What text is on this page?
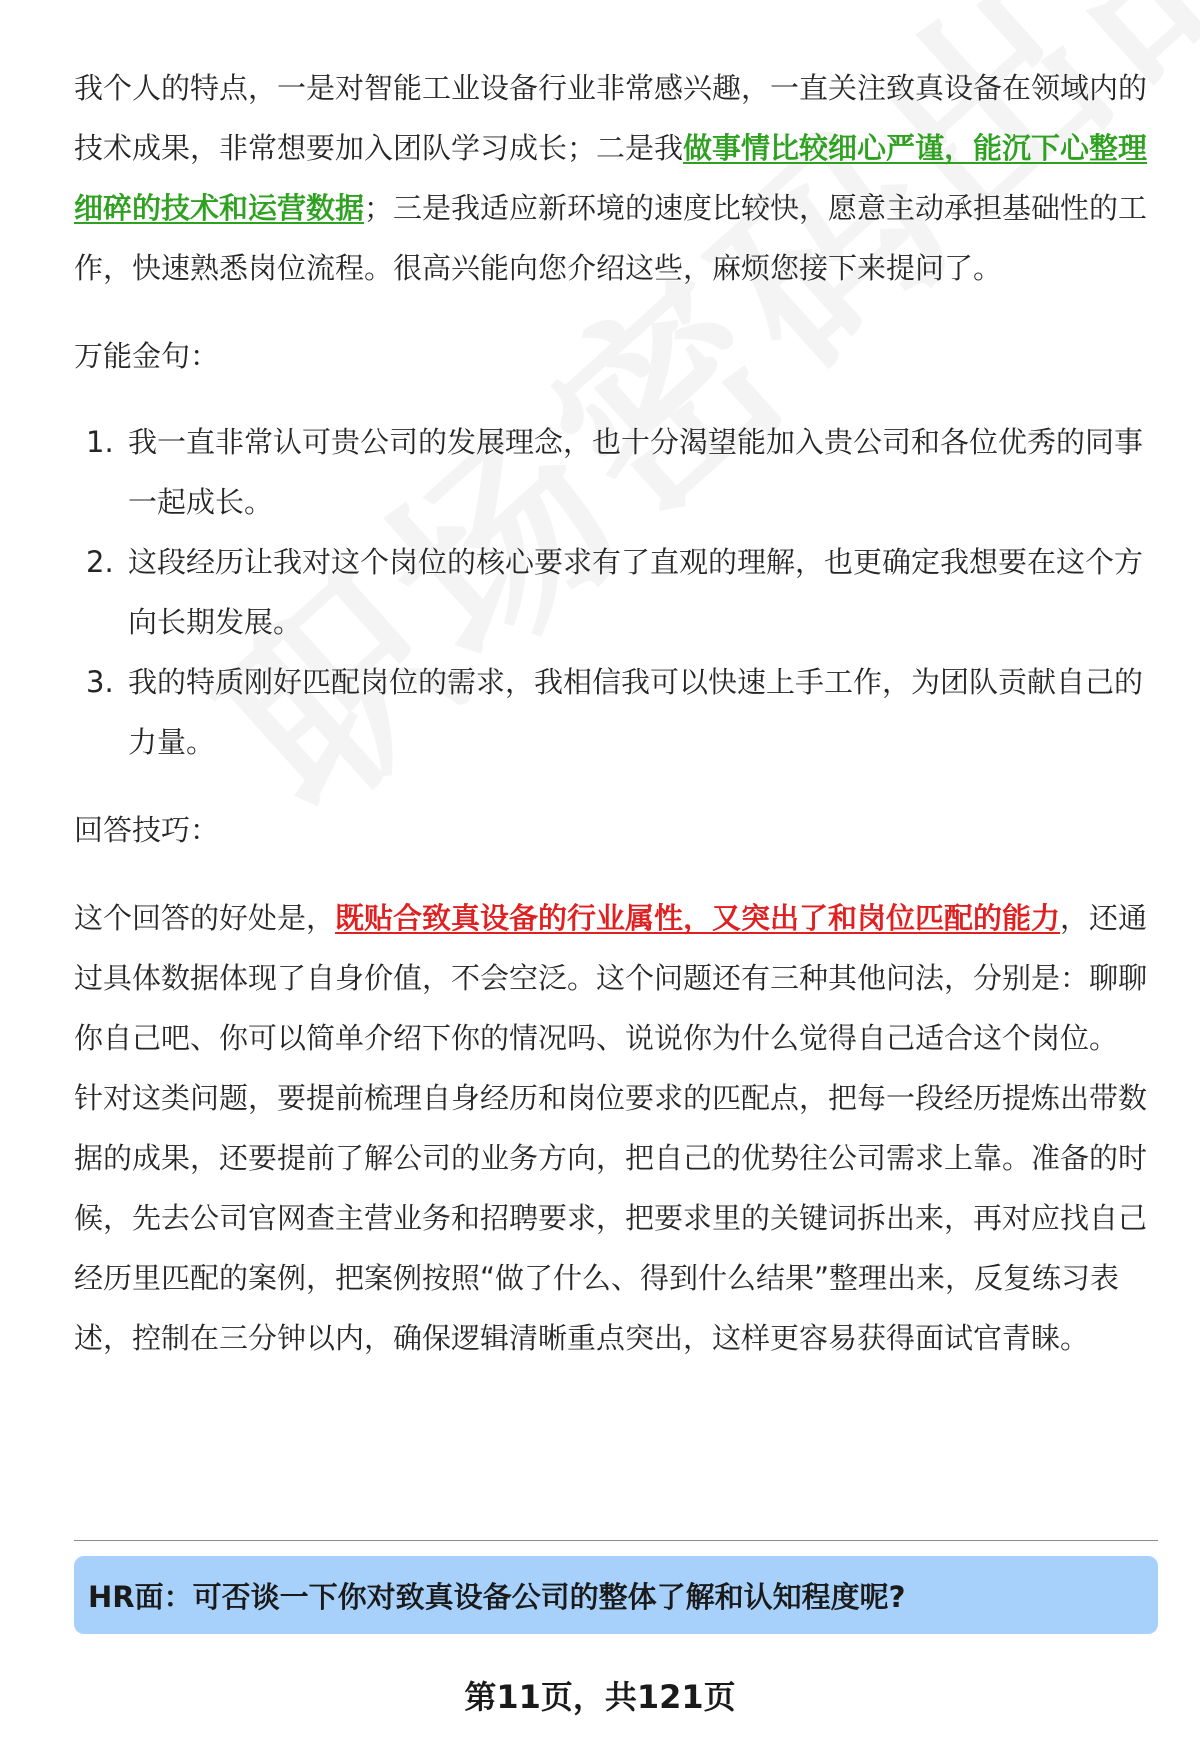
我个人的特点，一是对智能工业设备行业非常感兴趣，一直关注致真设备在领域内的技术成果，非常想要加入团队学习成长；二是我做事情比较细心严谨，能沉下心整理细碎的技术和运营数据；三是我适应新环境的速度比较快，愿意主动承担基础性的工作，快速熟悉岗位流程。很高兴能向您介绍这些，麻烦您接下来提问了。

万能金句：

1. 我一直非常认可贵公司的发展理念，也十分渴望能加入贵公司和各位优秀的同事一起成长。
2. 这段经历让我对这个岗位的核心要求有了直观的理解，也更确定我想要在这个方向长期发展。
3. 我的特质刚好匹配岗位的需求，我相信我可以快速上手工作，为团队贡献自己的力量。

回答技巧：

这个回答的好处是，既贴合致真设备的行业属性，又突出了和岗位匹配的能力，还通过具体数据体现了自身价值，不会空泛。这个问题还有三种其他问法，分别是：聊聊你自己吧、你可以简单介绍下你的情况吗、说说你为什么觉得自己适合这个岗位。

针对这类问题，要提前梳理自身经历和岗位要求的匹配点，把每一段经历提炼出带数据的成果，还要提前了解公司的业务方向，把自己的优势往公司需求上靠。准备的时候，先去公司官网查主营业务和招聘要求，把要求里的关键词拆出来，再对应找自己经历里匹配的案例，把案例按照“做了什么、得到什么结果”整理出来，反复练习表述，控制在三分钟以内，确保逻辑清晰重点突出，这样更容易获得面试官青睐。

HR面：可否谈一下你对致真设备公司的整体了解和认知程度呢?
第11页，共121页
